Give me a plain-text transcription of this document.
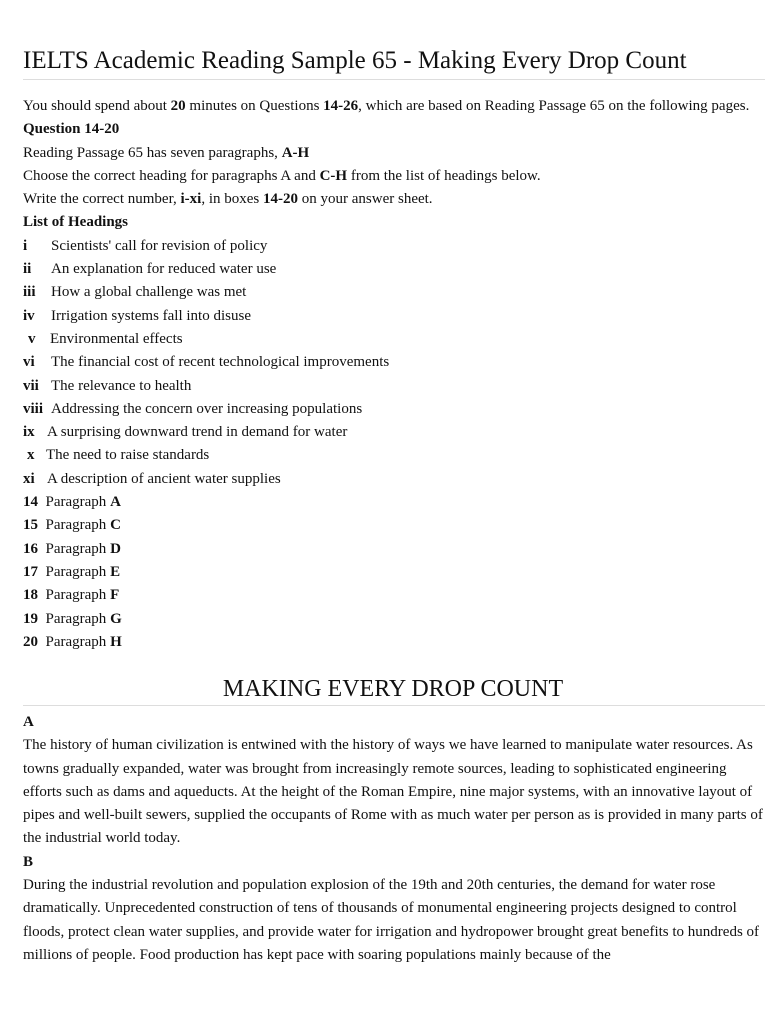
IELTS Academic Reading Sample 65 - Making Every Drop Count
You should spend about 20 minutes on Questions 14-26, which are based on Reading Passage 65 on the following pages.
Question 14-20
Reading Passage 65 has seven paragraphs, A-H
Choose the correct heading for paragraphs A and C-H from the list of headings below.
Write the correct number, i-xi, in boxes 14-20 on your answer sheet.
List of Headings
i Scientists' call for revision of policy
ii An explanation for reduced water use
iii How a global challenge was met
iv Irrigation systems fall into disuse
v Environmental effects
vi The financial cost of recent technological improvements
vii The relevance to health
viii Addressing the concern over increasing populations
ix A surprising downward trend in demand for water
x The need to raise standards
xi A description of ancient water supplies
14 Paragraph A
15 Paragraph C
16 Paragraph D
17 Paragraph E
18 Paragraph F
19 Paragraph G
20 Paragraph H
MAKING EVERY DROP COUNT
A

The history of human civilization is entwined with the history of ways we have learned to manipulate water resources. As towns gradually expanded, water was brought from increasingly remote sources, leading to sophisticated engineering efforts such as dams and aqueducts. At the height of the Roman Empire, nine major systems, with an innovative layout of pipes and well-built sewers, supplied the occupants of Rome with as much water per person as is provided in many parts of the industrial world today.

B

During the industrial revolution and population explosion of the 19th and 20th centuries, the demand for water rose dramatically. Unprecedented construction of tens of thousands of monumental engineering projects designed to control floods, protect clean water supplies, and provide water for irrigation and hydropower brought great benefits to hundreds of millions of people. Food production has kept pace with soaring populations mainly because of the
